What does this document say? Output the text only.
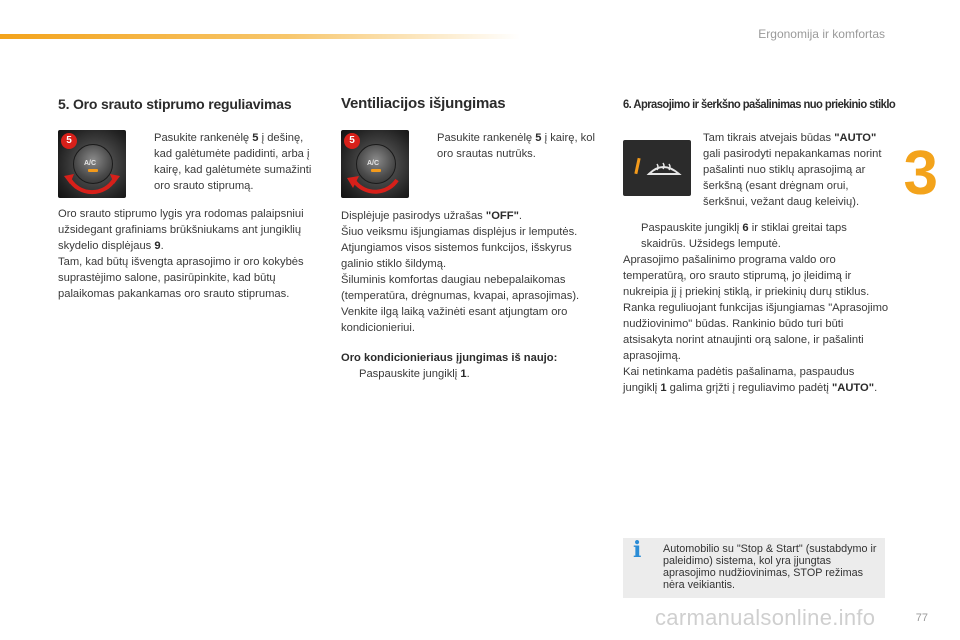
Ergonomija ir komfortas
3
5. Oro srauto stiprumo reguliavimas
A/C
5	Pasukite rankenėlę 5 į dešinę, kad galėtumėte padidinti, arba į kairę, kad galėtumėte sumažinti oro srauto stiprumą.

Oro srauto stiprumo lygis yra rodomas palaipsniui užsidegant grafiniams brūkšniukams ant jungiklių skydelio displėjaus 9.

Tam, kad būtų išvengta aprasojimo ir oro kokybės suprastėjimo salone, pasirūpinkite, kad būtų palaikomas pakankamas oro srauto stiprumas.

Ventiliacijos išjungimas
A/C
5	Pasukite rankenėlę 5 į kairę, kol oro srautas nutrūks.

Displėjuje pasirodys užrašas "OFF".

Šiuo veiksmu išjungiamas displėjus ir lemputės.

Atjungiamos visos sistemos funkcijos, išskyrus galinio stiklo šildymą.

Šiluminis komfortas daugiau nebepalaikomas (temperatūra, drėgnumas, kvapai, aprasojimas).

Venkite ilgą laiką važinėti esant atjungtam oro kondicionieriui.

Oro kondicionieriaus įjungimas iš naujo:

Paspauskite jungiklį 1.
6. Aprasojimo ir šerkšno pašalinimas nuo priekinio stiklo
Tam tikrais atvejais būdas "AUTO" gali pasirodyti nepakankamas norint pašalinti nuo stiklų aprasojimą ar šerkšną (esant drėgnam orui, šerkšnui, vežant daug keleivių).
Paspauskite jungiklį 6 ir stiklai greitai taps skaidrūs. Užsidegs lemputė.

Aprasojimo pašalinimo programa valdo oro temperatūrą, oro srauto stiprumą, jo įleidimą ir nukreipia jį į priekinį stiklą, ir priekinių durų stiklus.

Ranka reguliuojant funkcijas išjungiamas "Aprasojimo nudžiovinimo" būdas. Rankinio būdo turi būti atsisakyta norint atnaujinti orą salone, ir pašalinti aprasojimą.

Kai netinkama padėtis pašalinama, paspaudus jungiklį 1 galima grįžti į reguliavimo padėtį "AUTO".

i Automobilio su "Stop & Start" (sustabdymo ir paleidimo) sistema, kol yra įjungtas aprasojimo nudžiovinimas, STOP režimas nėra veikiantis.
carmanualsonline.info	77
